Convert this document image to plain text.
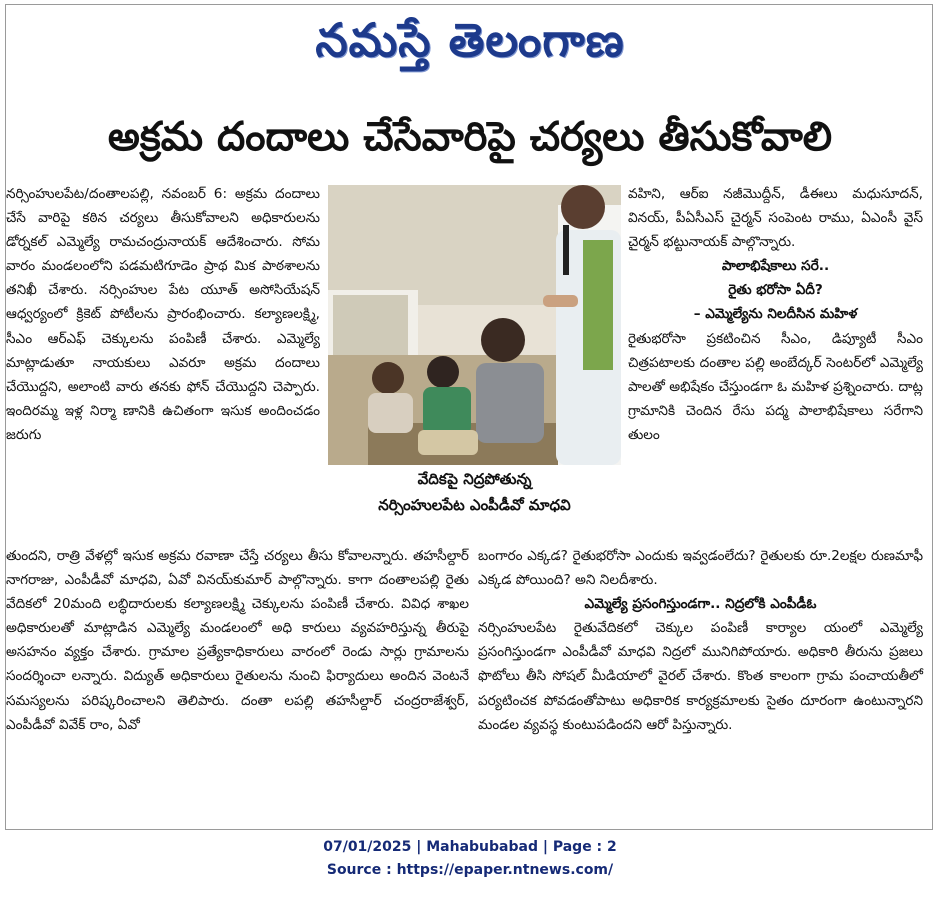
నమస్తే తెలంగాణ
అక్రమ దందాలు చేసేవారిపై చర్యలు తీసుకోవాలి

నర్సింహులపేట/దంతాలపల్లి, నవంబర్ 6: అక్రమ దందాలు చేసే వారిపై కఠిన చర్యలు తీసుకోవాలని అధికారులను డోర్నకల్ ఎమ్మెల్యే రామచంద్రునాయక్ ఆదేశించారు. సోమ వారం మండలంలోని పడమటిగూడెం ప్రాథ మిక పాఠశాలను తనిఖీ చేశారు. నర్సింహుల పేట యూత్ అసోసియేషన్ ఆధ్వర్యంలో క్రికెట్ పోటీలను ప్రారంభించారు. కల్యాణలక్ష్మి, సీఎం ఆర్ఎఫ్ చెక్కులను పంపిణీ చేశారు. ఎమ్మెల్యే మాట్లాడుతూ నాయకులు ఎవరూ అక్రమ దందాలు చేయొద్దని, అలాంటి వారు తనకు ఫోన్ చేయొద్దని చెప్పారు. ఇందిరమ్మ ఇళ్ల నిర్మా ణానికి ఉచితంగా ఇసుక అందించడం జరుగు

వేదికపై నిద్రపోతున్న
నర్సింహులపేట ఎంపీడీవో మాధవి

వహిని, ఆర్ఐ నజీమొద్దీన్, డీఈలు మధుసూదన్, వినయ్, పీఏసీఎస్ చైర్మన్ సంపెంట రాము, ఏఎంసీ వైస్ చైర్మన్ భట్టునాయక్ పాల్గొన్నారు.

పాలాభిషేకాలు సరే..

రైతు భరోసా ఏదీ?

– ఎమ్మెల్యేను నిలదీసిన మహిళ

రైతుభరోసా ప్రకటించిన సీఎం, డిప్యూటీ సీఎం చిత్రపటాలకు దంతాల పల్లి అంబేద్కర్ సెంటర్‌లో ఎమ్మెల్యే పాలతో అభిషేకం చేస్తుండగా ఓ మహిళ ప్రశ్నించారు. దాట్ల గ్రామానికి చెందిన రేసు పద్మ పాలాభిషేకాలు సరేగాని తులం

తుందని, రాత్రి వేళల్లో ఇసుక అక్రమ రవాణా చేస్తే చర్యలు తీసు కోవాలన్నారు. తహసీల్దార్ నాగరాజు, ఎంపీడీవో మాధవి, ఏవో వినయ్‌కుమార్ పాల్గొన్నారు. కాగా దంతాలపల్లి రైతు వేదికలో 20మంది లబ్ధిదారులకు కల్యాణలక్ష్మి చెక్కులను పంపిణీ చేశారు. వివిధ శాఖల అధికారులతో మాట్లాడిన ఎమ్మెల్యే మండలంలో అధి కారులు వ్యవహరిస్తున్న తీరుపై అసహనం వ్యక్తం చేశారు. గ్రామాల ప్రత్యేకాధికారులు వారంలో రెండు సార్లు గ్రామాలను సందర్శించా లన్నారు. విద్యుత్ అధికారులు రైతులను నుంచి ఫిర్యాదులు అందిన వెంటనే సమస్యలను పరిష్కరించాలని తెలిపారు. దంతా లపల్లి తహసీల్దార్ చంద్రరాజేశ్వర్, ఎంపీడీవో వివేక్ రాం, ఏవో

బంగారం ఎక్కడ? రైతుభరోసా ఎందుకు ఇవ్వడంలేదు? రైతులకు రూ.2లక్షల రుణమాఫీ ఎక్కడ పోయింది? అని నిలదీశారు.

ఎమ్మెల్యే ప్రసంగిస్తుండగా.. నిద్రలోకి ఎంపీడీఓ

నర్సింహులపేట రైతువేదికలో చెక్కుల పంపిణీ కార్యాల యంలో ఎమ్మెల్యే ప్రసంగిస్తుండగా ఎంపీడీవో మాధవి నిద్రలో మునిగిపోయారు. అధికారి తీరును ప్రజలు ఫొటోలు తీసి సోషల్ మీడియాలో వైరల్ చేశారు. కొంత కాలంగా గ్రామ పంచాయతీలో పర్యటించక పోవడంతోపాటు అధికారిక కార్యక్రమాలకు సైతం దూరంగా ఉంటున్నారని మండల వ్యవస్థ కుంటుపడిందని ఆరో పిస్తున్నారు.

07/01/2025 | Mahabubabad | Page : 2
Source : https://epaper.ntnews.com/
